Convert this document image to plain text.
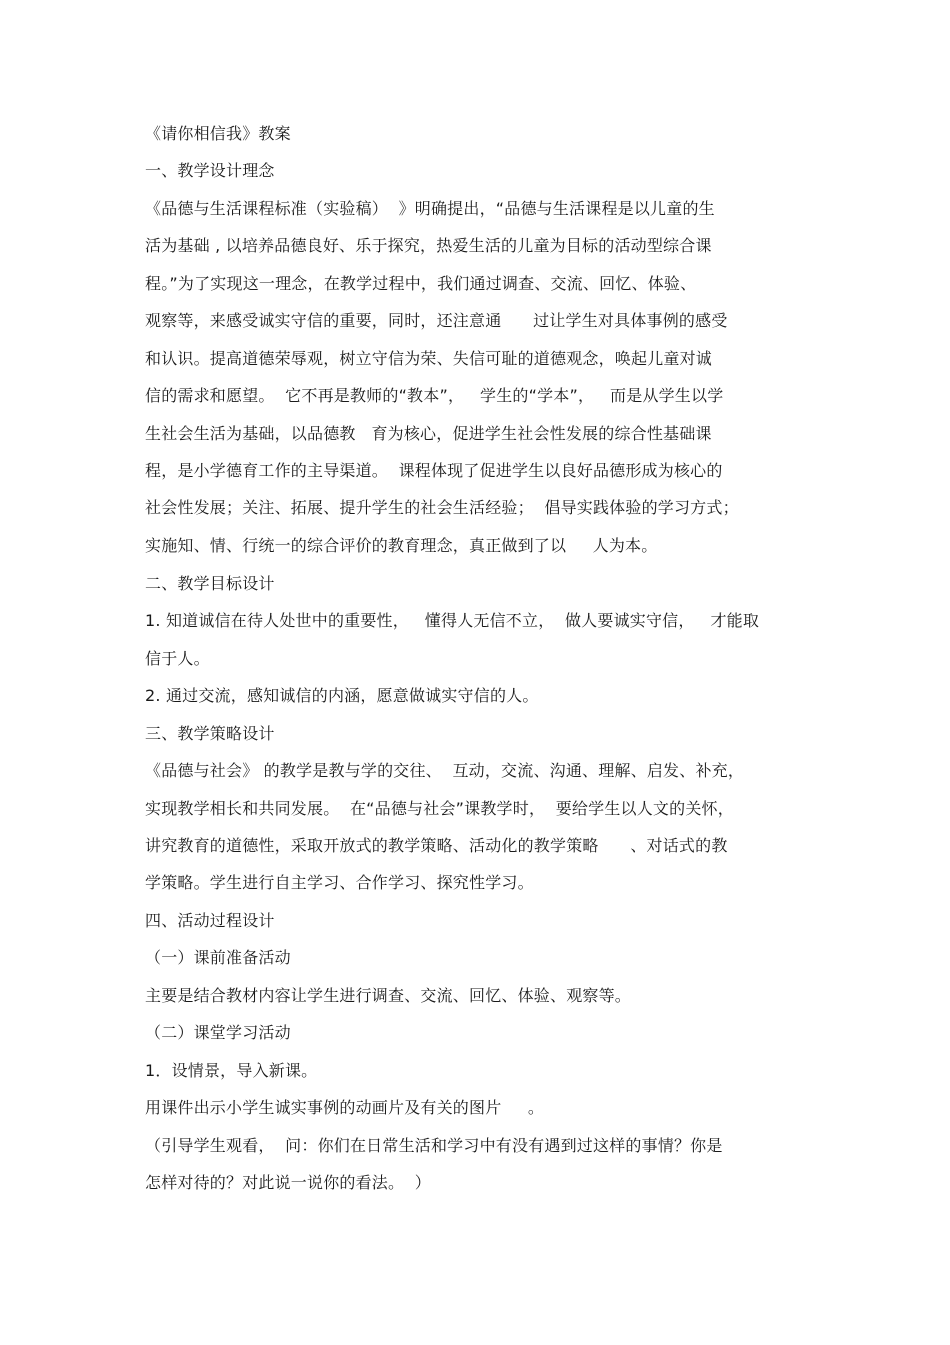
《请你相信我》教案
一、教学设计理念
《品德与生活课程标准（实验稿）  》明确提出，“品德与生活课程是以儿童的生
活为基础 , 以培养品德良好、乐于探究，热爱生活的儿童为目标的活动型综合课
程。”为了实现这一理念，在教学过程中，我们通过调查、交流、回忆、体验、
观察等，来感受诚实守信的重要，同时，还注意通      过让学生对具体事例的感受
和认识。提高道德荣辱观，树立守信为荣、失信可耻的道德观念，唤起儿童对诚
信的需求和愿望。  它不再是教师的“教本”，   学生的“学本”，   而是从学生以学
生社会生活为基础，以品德教   育为核心，促进学生社会性发展的综合性基础课
程，是小学德育工作的主导渠道。  课程体现了促进学生以良好品德形成为核心的
社会性发展；关注、拓展、提升学生的社会生活经验；  倡导实践体验的学习方式；
实施知、情、行统一的综合评价的教育理念，真正做到了以     人为本。
二、教学目标设计
1. 知道诚信在待人处世中的重要性，   懂得人无信不立，  做人要诚实守信，   才能取
信于人。
2. 通过交流，感知诚信的内涵，愿意做诚实守信的人。
三、教学策略设计
《品德与社会》 的教学是教与学的交往、  互动，交流、沟通、理解、启发、补充，
实现教学相长和共同发展。  在“品德与社会”课教学时，  要给学生以人文的关怀，
讲究教育的道德性，采取开放式的教学策略、活动化的教学策略      、对话式的教
学策略。学生进行自主学习、合作学习、探究性学习。
四、活动过程设计
（一）课前准备活动
主要是结合教材内容让学生进行调查、交流、回忆、体验、观察等。
（二）课堂学习活动
1．设情景，导入新课。
用课件出示小学生诚实事例的动画片及有关的图片     。
（引导学生观看，  问：你们在日常生活和学习中有没有遇到过这样的事情？你是
怎样对待的？对此说一说你的看法。  ）
